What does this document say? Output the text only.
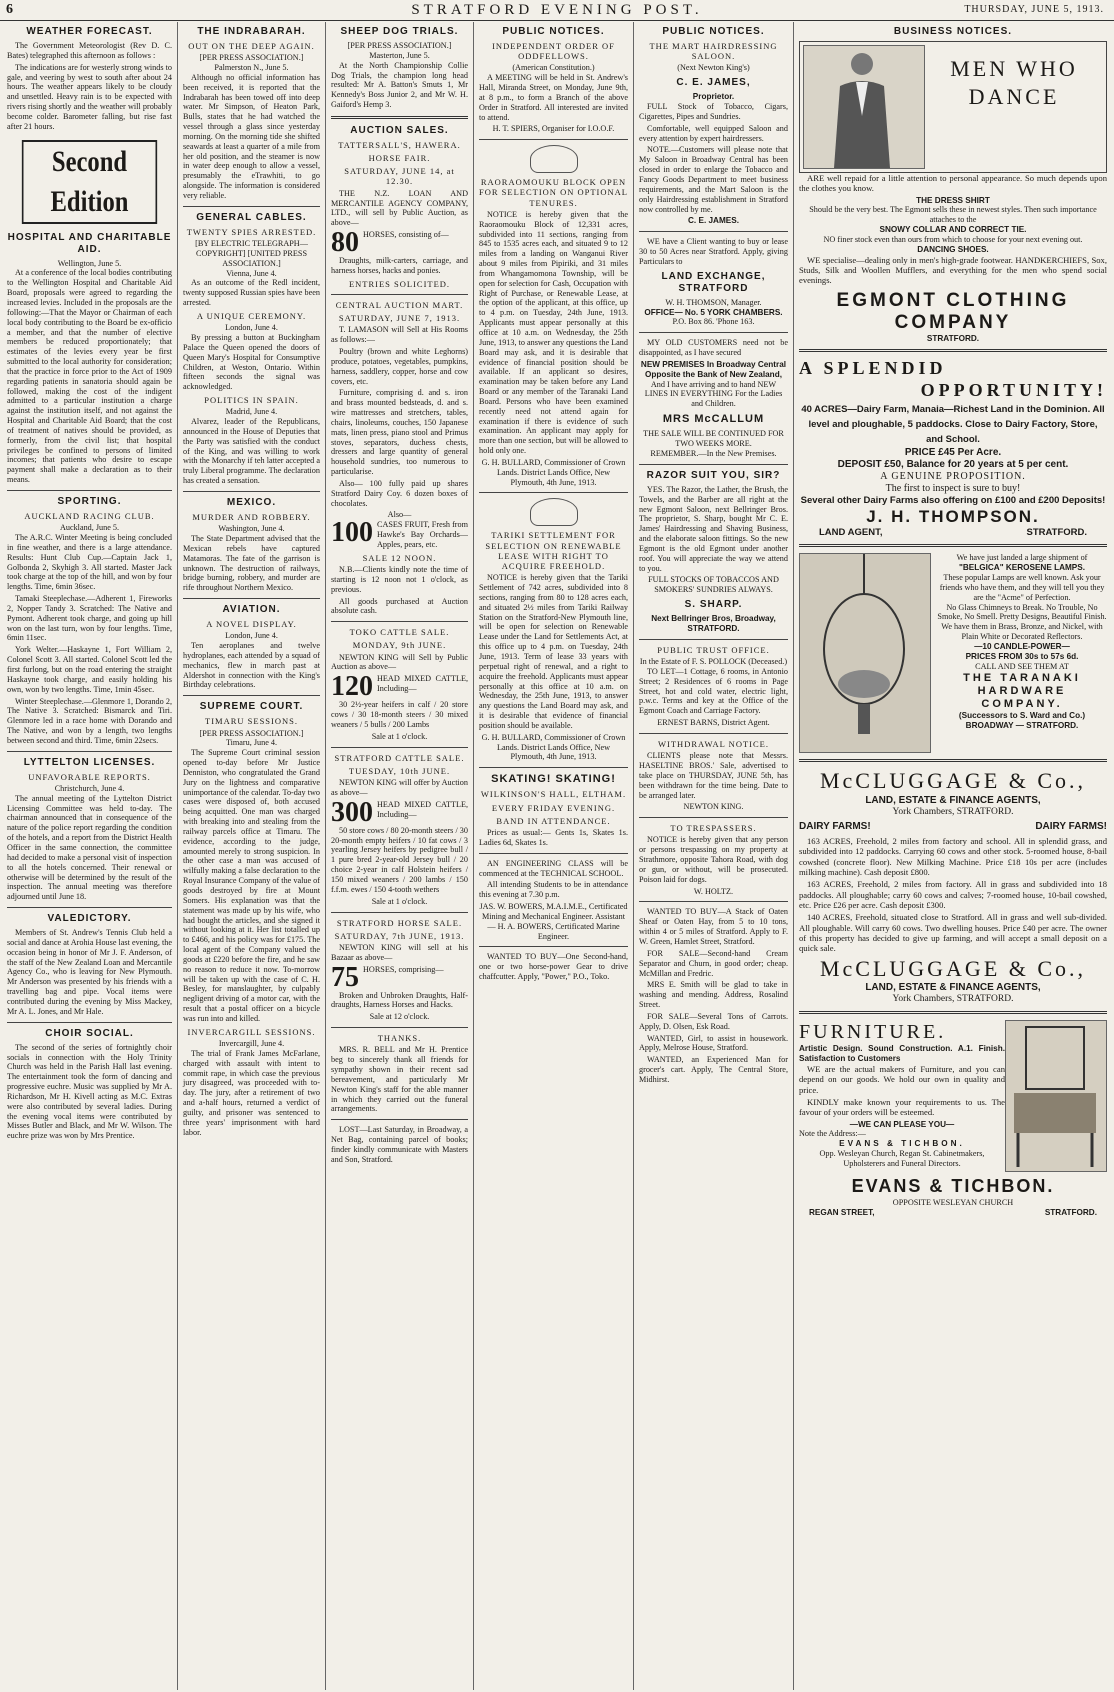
6	STRATFORD EVENING POST.	THURSDAY, JUNE 5, 1913.
WEATHER FORECAST.

The Government Meteorologist (Rev D. C. Bates) telegraphed this afternoon as follows :

The indications are for westerly strong winds to gale, and veering by west to south after about 24 hours. The weather appears likely to be cloudy and unsettled. Heavy rain is to be expected with rivers rising shortly and the weather will probably become colder. Barometer falling, but rise fast after 21 hours.

Second Edition
HOSPITAL AND CHARITABLE AID.
Wellington, June 5.

At a conference of the local bodies contributing to the Wellington Hospital and Charitable Aid Board, proposals were agreed to regarding the increased levies. Included in the proposals are the following:—That the Mayor or Chairman of each local body contributing to the Board be ex-officio a member, and that the number of elective members be reduced proportionately; that estimates of the levies every year be first submitted to the local authority for consideration; that the practice in force prior to the Act of 1909 regarding patients in sanatoria should again be followed, making the cost of the indigent admitted to a particular institution a charge against the institution itself, and not against the Hospital and Charitable Aid Board; that the cost of treatment of natives should be provided, as formerly, from the civil list; that hospital privileges be confined to persons of limited incomes; that patients who desire to escape payment shall make a declaration as to their means.

SPORTING.
AUCKLAND RACING CLUB.
Auckland, June 5.

The A.R.C. Winter Meeting is being concluded in fine weather, and there is a large attendance. Results: Hunt Club Cup.—Captain Jack 1, Golbonda 2, Skyhigh 3. All started. Master Jack took charge at the top of the hill, and won by four lengths. Time, 6min 36sec.

Tamaki Steeplechase.—Adherent 1, Fireworks 2, Nopper Tandy 3. Scratched: The Native and Pymont. Adherent took charge, and going up hill won on the last turn, won by four lengths. Time, 6min 11sec.

York Welter.—Haskayne 1, Fort William 2, Colonel Scott 3. All started. Colonel Scott led the first furlong, but on the road entering the straight Haskayne took charge, and easily holding his own, won by two lengths. Time, 1min 45sec.

Winter Steeplechase.—Glenmore 1, Dorando 2, The Native 3. Scratched: Bismarck and Tiri. Glenmore led in a race home with Dorando and The Native, and won by a length, two lengths between second and third. Time, 6min 22secs.

LYTTELTON LICENSES.
UNFAVORABLE REPORTS.
Christchurch, June 4.

The annual meeting of the Lyttelton District Licensing Committee was held to-day. The chairman announced that in consequence of the nature of the police report regarding the condition of the hotels, and a report from the District Health Officer in the same connection, the committee had decided to make a personal visit of inspection to all the hotels concerned. Their renewal or otherwise will be determined by the result of the inspection. The annual meeting was therefore adjourned until June 18.

VALEDICTORY.

Members of St. Andrew's Tennis Club held a social and dance at Arohia House last evening, the occasion being in honor of Mr J. F. Anderson, of the staff of the New Zealand Loan and Mercantile Agency Co., who is leaving for New Plymouth. Mr Anderson was presented by his friends with a travelling bag and pipe. Vocal items were contributed during the evening by Miss Mackey, Mr A. L. Jones, and Mr Hale.

CHOIR SOCIAL.

The second of the series of fortnightly choir socials in connection with the Holy Trinity Church was held in the Parish Hall last evening. The entertainment took the form of dancing and progressive euchre. Music was supplied by Mr A. Richardson, Mr H. Kivell acting as M.C. Extras were also contributed by several ladies. During the evening vocal items were contributed by Misses Butler and Black, and Mr W. Wilson. The euchre prize was won by Mrs Prentice.

THE INDRABARAH.
OUT ON THE DEEP AGAIN.
[PER PRESS ASSOCIATION.]
Palmerston N., June 5.

Although no official information has been received, it is reported that the Indrabarah has been towed off into deep water. Mr Simpson, of Heaton Park, Bulls, states that he had watched the vessel through a glass since yesterday morning. On the morning tide she shifted seawards at least a quarter of a mile from her old position, and the steamer is now in water deep enough to allow a vessel, presumably the eTrawhiti, to go alongside. The information is considered very reliable.

GENERAL CABLES.
TWENTY SPIES ARRESTED.
[BY ELECTRIC TELEGRAPH—COPYRIGHT] [UNITED PRESS ASSOCIATION.]
Vienna, June 4.

As an outcome of the Redl incident, twenty supposed Russian spies have been arrested.

A UNIQUE CEREMONY.
London, June 4.

By pressing a button at Buckingham Palace the Queen opened the doors of Queen Mary's Hospital for Consumptive Children, at Weston, Ontario. Within fifteen seconds the signal was acknowledged.

POLITICS IN SPAIN.
Madrid, June 4.

Alvarez, leader of the Republicans, announced in the House of Deputies that the Party was satisfied with the conduct of the King, and was willing to work with the Monarchy if teh latter accepted a truly Liberal programme. The declaration has created a sensation.

MEXICO.
MURDER AND ROBBERY.
Washington, June 4.

The State Department advised that the Mexican rebels have captured Matamoras. The fate of the garrison is unknown. The destruction of railways, bridge burning, robbery, and murder are rife throughout Northern Mexico.

AVIATION.
A NOVEL DISPLAY.
London, June 4.

Ten aeroplanes and twelve hydroplanes, each attended by a squad of mechanics, flew in march past at Aldershot in connection with the King's Birthday celebrations.

SUPREME COURT.
TIMARU SESSIONS.
[PER PRESS ASSOCIATION.]
Timaru, June 4.

The Supreme Court criminal session opened to-day before Mr Justice Denniston, who congratulated the Grand Jury on the lightness and comparative unimportance of the calendar. To-day two cases were disposed of, both accused being acquitted. One man was charged with breaking into and stealing from the railway parcels office at Timaru. The evidence, according to the judge, amounted merely to strong suspicion. In the other case a man was accused of wilfully making a false declaration to the Royal Insurance Company of the value of goods destroyed by fire at Mount Somers. His explanation was that the statement was made up by his wife, who had bought the articles, and she signed it without looking at it. Her list totalled up to £466, and his policy was for £175. The local agent of the Company valued the goods at £220 before the fire, and he saw no reason to reduce it now. To-morrow will be taken up with the case of C. H. Besley, for manslaughter, by culpably negligent driving of a motor car, with the result that a postal officer on a bicycle was run into and killed.

INVERCARGILL SESSIONS.
Invercargill, June 4.

The trial of Frank James McFarlane, charged with assault with intent to commit rape, in which case the previous jury disagreed, was proceeded with to-day. The jury, after a retirement of two and a-half hours, returned a verdict of guilty, and prisoner was sentenced to three years' imprisonment with hard labor.

SHEEP DOG TRIALS.
[PER PRESS ASSOCIATION.]
Masterton, June 5.

At the North Championship Collie Dog Trials, the champion long head resulted: Mr A. Batton's Smuts 1, Mr Kennedy's Boss Junior 2, and Mr W. H. Gaiford's Hemp 3.

AUCTION SALES.
TATTERSALL'S, HAWERA.
HORSE FAIR.
SATURDAY, JUNE 14, at 12.30.

THE N.Z. LOAN AND MERCANTILE AGENCY COMPANY, LTD., will sell by Public Auction, as above—

80 HORSES, consisting of—

Draughts, milk-carters, carriage, and harness horses, hacks and ponies.

ENTRIES SOLICITED.
CENTRAL AUCTION MART.
SATURDAY, JUNE 7, 1913.

T. LAMASON will Sell at His Rooms as follows:—

Poultry (brown and white Leghorns) produce, potatoes, vegetables, pumpkins, harness, saddlery, copper, horse and cow covers, etc.

Furniture, comprising d. and s. iron and brass mounted bedsteads, d. and s. wire mattresses and stretchers, tables, chairs, linoleums, couches, 150 Japanese mats, linen press, piano stool and Primus stoves, separators, duchess chests, dressers and large quantity of general household sundries, too numerous to particularise.

Also— 100 fully paid up shares Stratford Dairy Coy. 6 dozen boxes of chocolates.

Also—
100 CASES FRUIT, Fresh from Hawke's Bay Orchards—Apples, pears, etc.
SALE 12 NOON.

N.B.—Clients kindly note the time of starting is 12 noon not 1 o'clock, as previous.

All goods purchased at Auction absolute cash.

TOKO CATTLE SALE.
MONDAY, 9th JUNE.

NEWTON KING will Sell by Public Auction as above—

120 HEAD MIXED CATTLE, Including—

30 2½-year heifers in calf / 20 store cows / 30 18-month steers / 30 mixed weaners / 5 bulls / 200 Lambs

Sale at 1 o'clock.
STRATFORD CATTLE SALE.
TUESDAY, 10th JUNE.

NEWTON KING will offer by Auction as above—

300 HEAD MIXED CATTLE, Including—

50 store cows / 80 20-month steers / 30 20-month empty heifers / 10 fat cows / 3 yearling Jersey heifers by pedigree bull / 1 pure bred 2-year-old Jersey bull / 20 choice 2-year in calf Holstein heifers / 150 mixed weaners / 200 lambs / 150 f.f.m. ewes / 150 4-tooth wethers

Sale at 1 o'clock.
STRATFORD HORSE SALE.
SATURDAY, 7th JUNE, 1913.

NEWTON KING will sell at his Bazaar as above—

75 HORSES, comprising—

Broken and Unbroken Draughts, Half-draughts, Harness Horses and Hacks.

Sale at 12 o'clock.
THANKS.

MRS. R. BELL and Mr H. Prentice beg to sincerely thank all friends for sympathy shown in their recent sad bereavement, and particularly Mr Newton King's staff for the able manner in which they carried out the funeral arrangements.

LOST—Last Saturday, in Broadway, a Net Bag, containing parcel of books; finder kindly communicate with Masters and Son, Stratford.

PUBLIC NOTICES.
INDEPENDENT ORDER OF ODDFELLOWS.
(American Constitution.)

A MEETING will be held in St. Andrew's Hall, Miranda Street, on Monday, June 9th, at 8 p.m., to form a Branch of the above Order in Stratford. All interested are invited to attend.

H. T. SPIERS, Organiser for I.O.O.F.
RAORAOMOUKU BLOCK OPEN FOR SELECTION ON OPTIONAL TENURES.

NOTICE is hereby given that the Raoraomouku Block of 12,331 acres, subdivided into 11 sections, ranging from 845 to 1535 acres each, and situated 9 to 12 miles from a landing on Wanganui River about 9 miles from Pipiriki, and 31 miles from Whangamomona Township, will be open for selection for Cash, Occupation with Right of Purchase, or Renewable Lease, at the option of the applicant, at this office, up to 4 p.m. on Tuesday, 24th June, 1913. Applicants must appear personally at this office at 10 a.m. on Wednesday, the 25th June, 1913, to answer any questions the Land Board may ask, and it is desirable that evidence of financial position should be available. If an applicant so desires, examination may be taken before any Land Board or any member of the Taranaki Land Board. Persons who have been examined recently need not attend again for examination if there is evidence of such examination. An applicant may apply for more than one section, but will be allowed to hold only one.

G. H. BULLARD, Commissioner of Crown Lands. District Lands Office, New Plymouth, 4th June, 1913.
TARIKI SETTLEMENT FOR SELECTION ON RENEWABLE LEASE WITH RIGHT TO ACQUIRE FREEHOLD.

NOTICE is hereby given that the Tariki Settlement of 742 acres, subdivided into 8 sections, ranging from 80 to 128 acres each, and situated 2½ miles from Tariki Railway Station on the Stratford-New Plymouth line, will be open for selection on Renewable Lease under the Land for Settlements Act, at this office up to 4 p.m. on Tuesday, 24th June, 1913. Term of lease 33 years with perpetual right of renewal, and a right to acquire the freehold. Applicants must appear personally at this office at 10 a.m. on Wednesday, the 25th June, 1913, to answer any questions the Land Board may ask, and it is desirable that evidence of financial position should be available.

G. H. BULLARD, Commissioner of Crown Lands. District Lands Office, New Plymouth, 4th June, 1913.
SKATING! SKATING!
WILKINSON'S HALL, ELTHAM.
EVERY FRIDAY EVENING.
BAND IN ATTENDANCE.

Prices as usual:— Gents 1s, Skates 1s. Ladies 6d, Skates 1s.

AN ENGINEERING CLASS will be commenced at the TECHNICAL SCHOOL.

All intending Students to be in attendance this evening at 7.30 p.m.

JAS. W. BOWERS, M.A.I.M.E., Certificated Mining and Mechanical Engineer. Assistant— H. A. BOWERS, Certificated Marine Engineer.

WANTED TO BUY—One Second-hand, one or two horse-power Gear to drive chaffcutter. Apply, "Power," P.O., Toko.

PUBLIC NOTICES.
THE MART HAIRDRESSING SALOON.
(Next Newton King's)
C. E. JAMES,
Proprietor.

FULL Stock of Tobacco, Cigars, Cigarettes, Pipes and Sundries.

Comfortable, well equipped Saloon and every attention by expert hairdressers.

NOTE.—Customers will please note that My Saloon in Broadway Central has been closed in order to enlarge the Tobacco and Fancy Goods Department to meet business requirements, and the Mart Saloon is the only Hairdressing establishment in Stratford now controlled by me.

C. E. JAMES.

WE have a Client wanting to buy or lease 30 to 50 Acres near Stratford. Apply, giving Particulars to

LAND EXCHANGE, STRATFORD
W. H. THOMSON, Manager.
OFFICE— No. 5 YORK CHAMBERS.
P.O. Box 86. 'Phone 163.

MY OLD CUSTOMERS need not be disappointed, as I have secured

NEW PREMISES In Broadway Central Opposite the Bank of New Zealand,
And I have arriving and to hand NEW LINES IN EVERYTHING For the Ladies and Children.
MRS McCALLUM
THE SALE WILL BE CONTINUED FOR TWO WEEKS MORE.
REMEMBER.—In the New Premises.
RAZOR SUIT YOU, SIR?

YES. The Razor, the Lather, the Brush, the Towels, and the Barber are all right at the new Egmont Saloon, next Bellringer Bros. The proprietor, S. Sharp, bought Mr C. E. James' Hairdressing and Shaving Business, and the elaborate saloon fittings. So the new Egmont is the old Egmont under another roof. You will appreciate the way we attend to you.

FULL STOCKS OF TOBACCOS AND SMOKERS' SUNDRIES ALWAYS.
S. SHARP.
Next Bellringer Bros, Broadway, STRATFORD.
PUBLIC TRUST OFFICE.
In the Estate of F. S. POLLOCK (Deceased.)

TO LET—1 Cottage, 6 rooms, in Antonio Street; 2 Residences of 6 rooms in Page Street, hot and cold water, electric light, p.w.c. Terms and key at the Office of the Egmont Coach and Carriage Factory.

ERNEST BARNS, District Agent.
WITHDRAWAL NOTICE.

CLIENTS please note that Messrs. HASELTINE BROS.' Sale, advertised to take place on THURSDAY, JUNE 5th, has been withdrawn for the time being. Date to be arranged later.

NEWTON KING.
TO TRESPASSERS.

NOTICE is hereby given that any person or persons trespassing on my property at Strathmore, opposite Tahora Road, with dog or gun, or without, will be prosecuted. Poison laid for dogs.

W. HOLTZ.

WANTED TO BUY—A Stack of Oaten Sheaf or Oaten Hay, from 5 to 10 tons, within 4 or 5 miles of Stratford. Apply to F. W. Green, Hamlet Street, Stratford.

FOR SALE—Second-hand Cream Separator and Churn, in good order; cheap. McMillan and Fredric.

MRS E. Smith will be glad to take in washing and mending. Address, Rosalind Street.

FOR SALE—Several Tons of Carrots. Apply, D. Olsen, Esk Road.

WANTED, Girl, to assist in housework. Apply, Melrose House, Stratford.

WANTED, an Experienced Man for grocer's cart. Apply, The Central Store, Midhirst.

BUSINESS NOTICES.
MEN WHO DANCE

ARE well repaid for a little attention to personal appearance. So much depends upon the clothes you know.

THE DRESS SHIRT
Should be the very best. The Egmont sells these in newest styles. Then such importance attaches to the
SNOWY COLLAR AND CORRECT TIE.
NO finer stock even than ours from which to choose for your next evening out.
DANCING SHOES.

WE specialise—dealing only in men's high-grade footwear. HANDKERCHIEFS, Sox, Studs, Silk and Woollen Mufflers, and everything for the men who spend social evenings.

EGMONT CLOTHING COMPANY
STRATFORD.
A SPLENDID
OPPORTUNITY!
40 ACRES—Dairy Farm, Manaia—Richest Land in the Dominion. All level and ploughable, 5 paddocks. Close to Dairy Factory, Store, and School.
PRICE £45 Per Acre.
DEPOSIT £50, Balance for 20 years at 5 per cent.
A GENUINE PROPOSITION.
The first to inspect is sure to buy!
Several other Dairy Farms also offering on £100 and £200 Deposits!
J. H. THOMPSON.
LAND AGENT,	STRATFORD.
We have just landed a large shipment of
"BELGICA" KEROSENE LAMPS.
These popular Lamps are well known. Ask your friends who have them, and they will tell you they are the "Acme" of Perfection.
No Glass Chimneys to Break. No Trouble, No Smoke, No Smell. Pretty Designs, Beautiful Finish. We have them in Brass, Bronze, and Nickel, with Plain White or Decorated Reflectors.
—10 CANDLE-POWER—
PRICES FROM 30s to 57s 6d.
CALL AND SEE THEM AT
THE TARANAKI HARDWARE COMPANY.
(Successors to S. Ward and Co.)
BROADWAY — STRATFORD.
McCLUGGAGE & Co.,
LAND, ESTATE & FINANCE AGENTS,
York Chambers, STRATFORD.
DAIRY FARMS!	DAIRY FARMS!

163 ACRES, Freehold, 2 miles from factory and school. All in splendid grass, and subdivided into 12 paddocks. Carrying 60 cows and other stock. 5-roomed house, 8-bail cowshed (concrete floor). New Milking Machine. Price £18 10s per acre (includes milking machine). Cash deposit £800.

163 ACRES, Freehold, 2 miles from factory. All in grass and subdivided into 18 paddocks. All ploughable; carry 60 cows and calves; 7-roomed house, 10-bail cowshed, etc. Price £26 per acre. Cash deposit £300.

140 ACRES, Freehold, situated close to Stratford. All in grass and well sub-divided. All ploughable. Will carry 60 cows. Two dwelling houses. Price £40 per acre. The owner of this property has decided to give up farming, and will accept a small deposit on a quick sale.

McCLUGGAGE & Co.,
LAND, ESTATE & FINANCE AGENTS,
York Chambers, STRATFORD.
FURNITURE.
Artistic Design. Sound Construction. A.1. Finish. Satisfaction to Customers

WE are the actual makers of Furniture, and you can depend on our goods. We hold our own in quality and price.

KINDLY make known your requirements to us. The favour of your orders will be esteemed.

—WE CAN PLEASE YOU—
Note the Address:—
EVANS & TICHBON.
Opp. Wesleyan Church, Regan St. Cabinetmakers, Upholsterers and Funeral Directors.
EVANS & TICHBON.
OPPOSITE WESLEYAN CHURCH
REGAN STREET,	STRATFORD.
